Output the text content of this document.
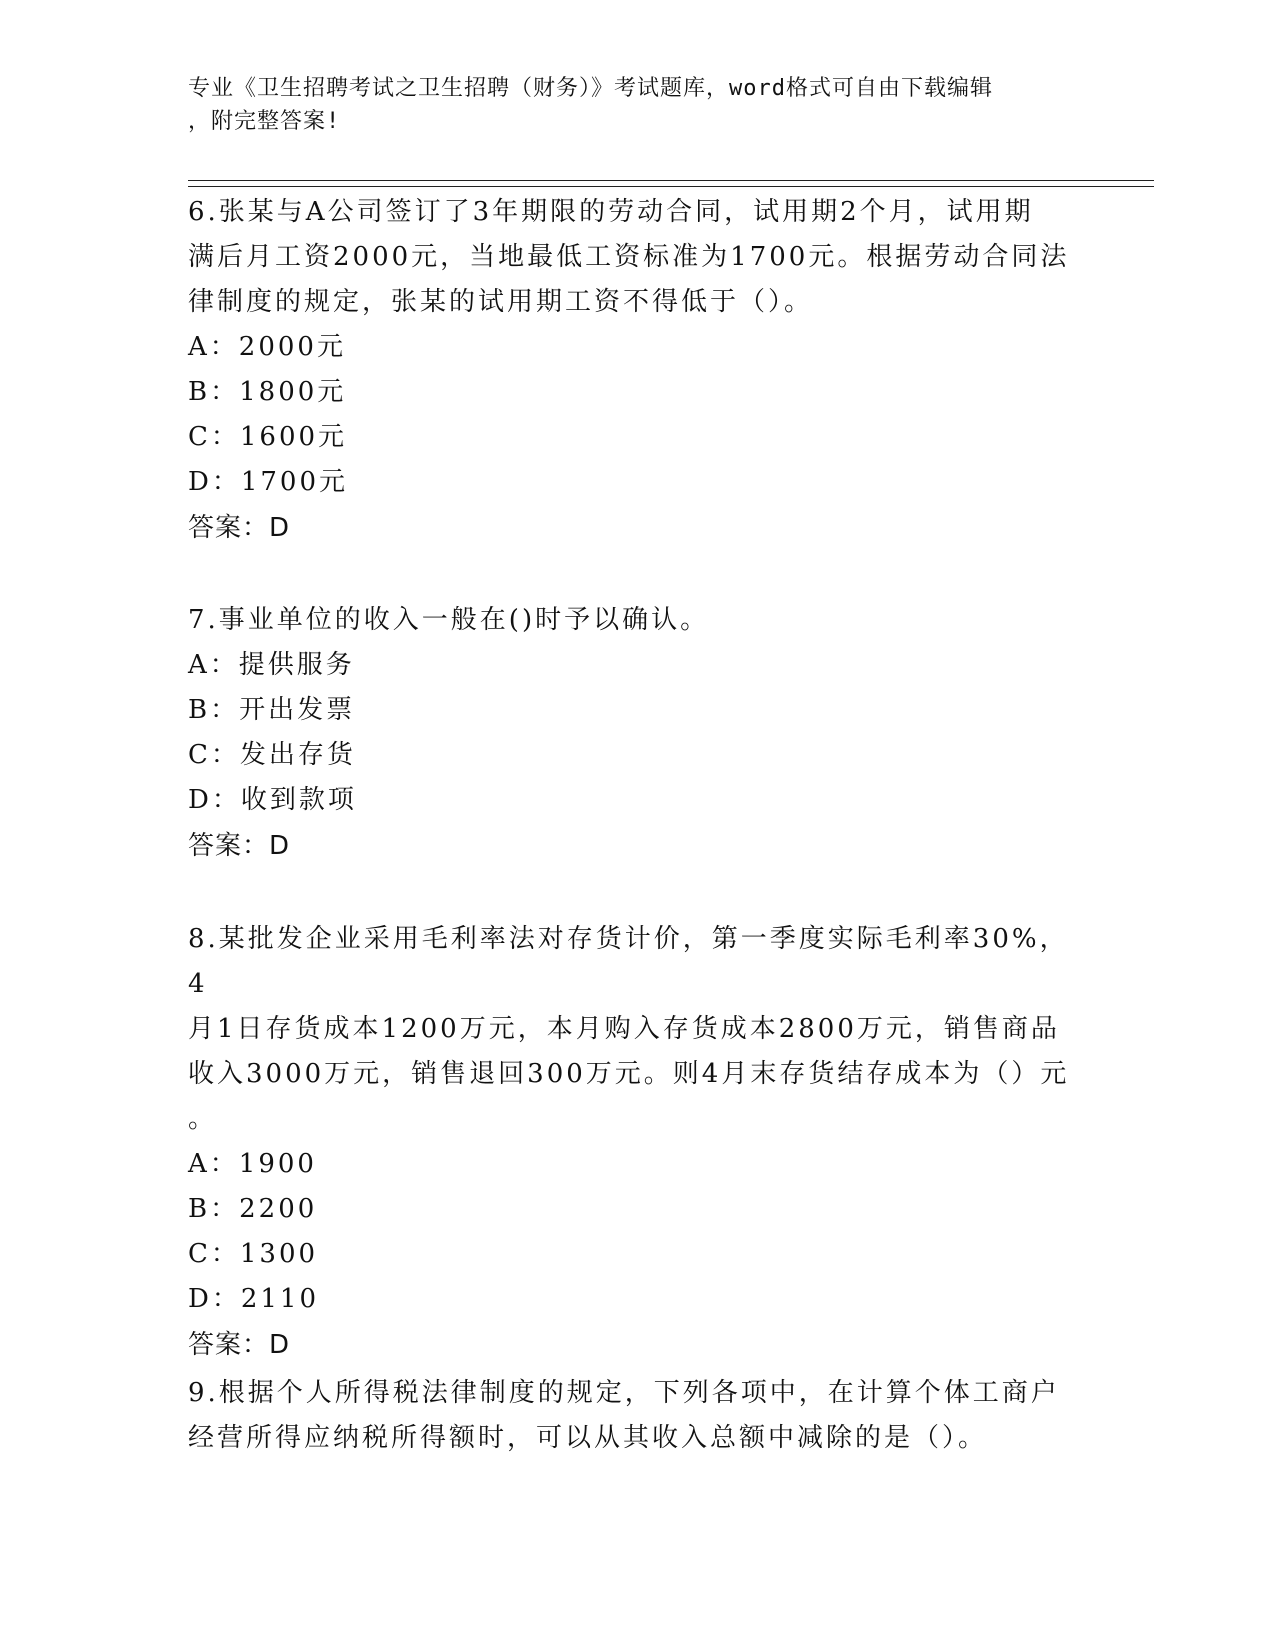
专业《卫生招聘考试之卫生招聘（财务）》考试题库，word格式可自由下载编辑
，附完整答案!

6.张某与A公司签订了3年期限的劳动合同，试用期2个月，试用期

满后月工资2000元，当地最低工资标准为1700元。根据劳动合同法

律制度的规定，张某的试用期工资不得低于（）。

A：2000元

B：1800元

C：1600元

D：1700元

答案：D

7.事业单位的收入一般在()时予以确认。

A：提供服务

B：开出发票

C：发出存货

D：收到款项

答案：D

8.某批发企业采用毛利率法对存货计价，第一季度实际毛利率30%，4

月1日存货成本1200万元，本月购入存货成本2800万元，销售商品

收入3000万元，销售退回300万元。则4月末存货结存成本为（）元

。

A：1900

B：2200

C：1300

D：2110

答案：D

9.根据个人所得税法律制度的规定，下列各项中，在计算个体工商户

经营所得应纳税所得额时，可以从其收入总额中减除的是（）。
